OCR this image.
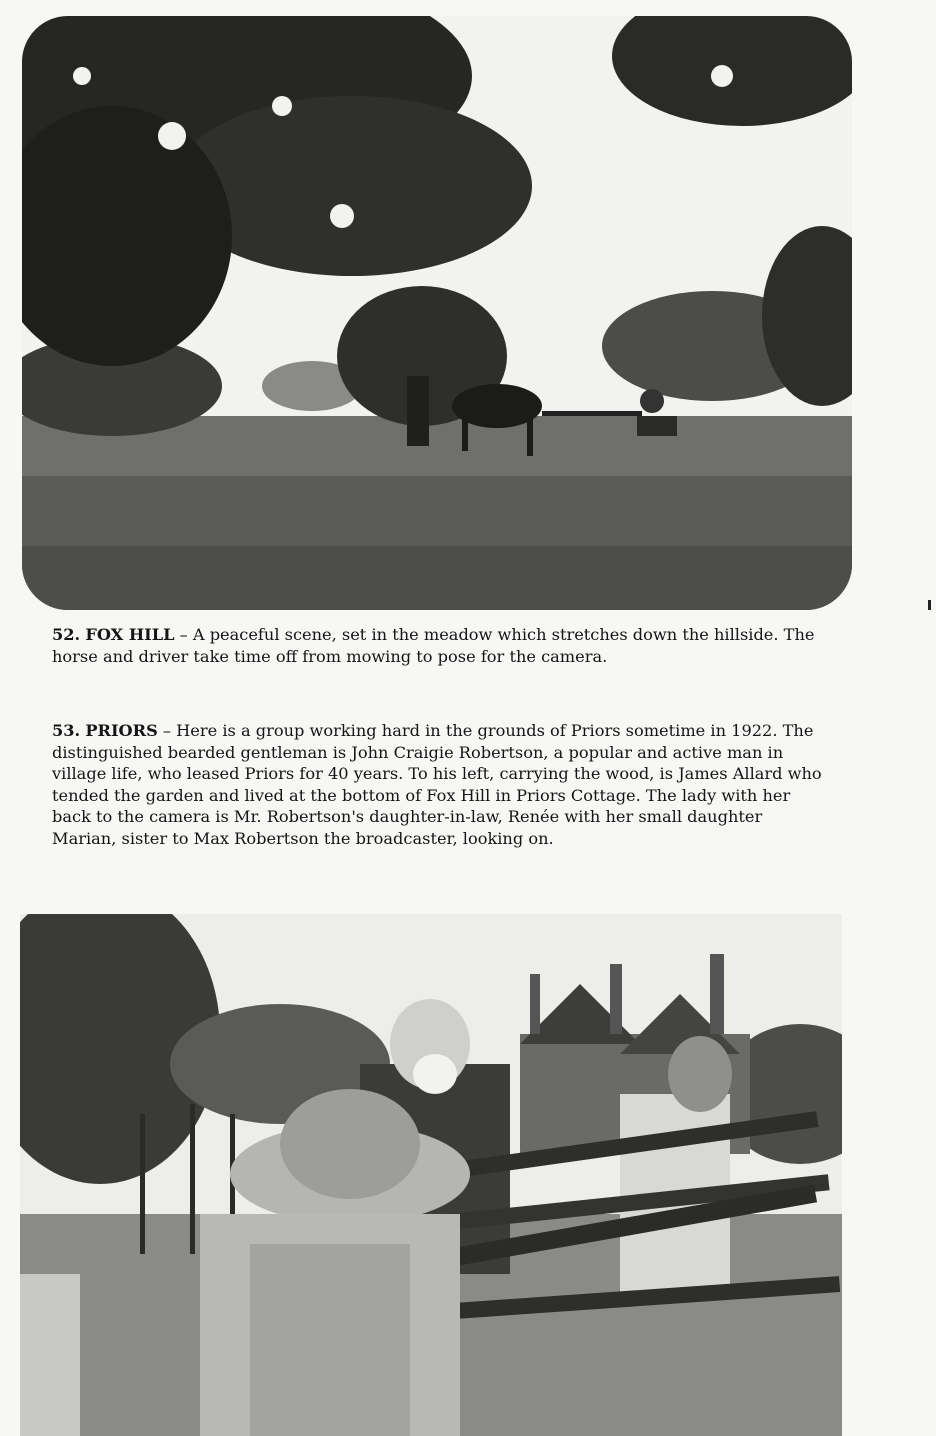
52. FOX HILL – A peaceful scene, set in the meadow which stretches down the hillside. The horse and driver take time off from mowing to pose for the camera.

53. PRIORS – Here is a group working hard in the grounds of Priors sometime in 1922. The distinguished bearded gentleman is John Craigie Robertson, a popular and active man in village life, who leased Priors for 40 years. To his left, carrying the wood, is James Allard who tended the garden and lived at the bottom of Fox Hill in Priors Cottage. The lady with her back to the camera is Mr. Robertson's daughter-in-law, Renée with her small daughter Marian, sister to Max Robertson the broadcaster, looking on.
